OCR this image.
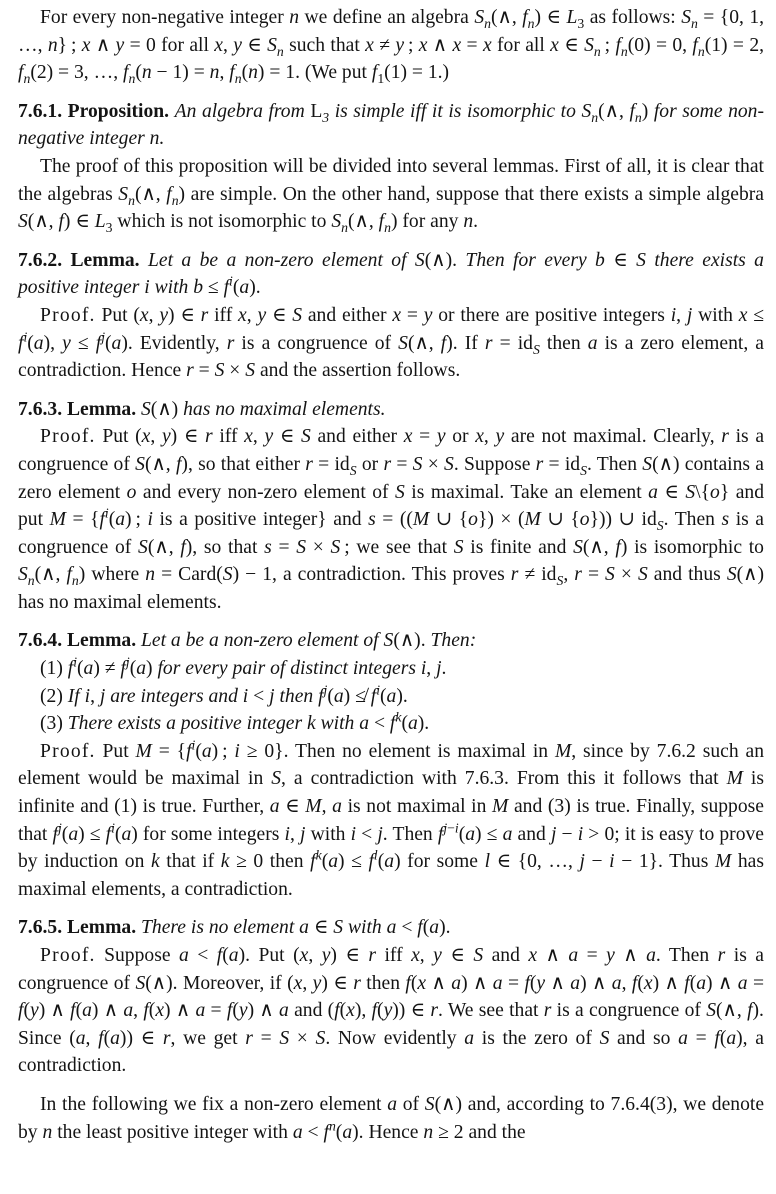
For every non-negative integer n we define an algebra $S_n(\wedge$, $f_n$) ∈ $L_3$ as follows: $S_n = \{0$, 1, …, n} ; x ∧ y = 0 for all x, y ∈ $S_n$ such that x ≠ y ; x ∧ x = x for all x ∈ $S_n$ ; $f_n(0) = 0$, $f_n(1) = 2$, $f_n(2) = 3$, …, $f_n(n - 1) = n$, $f_n(n) = 1$. (We put $f_1(1) = 1$.)

7.6.1. Proposition. An algebra from $L_3$ is simple iff it is isomorphic to $S_n(\wedge$, $f_n$) for some non-negative integer n.

The proof of this proposition will be divided into several lemmas. First of all, it is clear that the algebras $S_n(\wedge$, $f_n$) are simple. On the other hand, suppose that there exists a simple algebra S(∧, f) ∈ $L_3$ which is not isomorphic to $S_n(\wedge$, $f_n$) for any n.

7.6.2. Lemma. Let a be a non-zero element of S(∧). Then for every b ∈ S there exists a positive integer i with $b \le f^i(a)$.

Proof. Put (x, y) ∈ r iff x, y ∈ S and either x = y or there are positive integers i, j with $x \le f^i(a)$, $y \le f^j(a)$. Evidently, r is a congruence of S(∧, f). If $r = id_S$ then a is a zero element, a contradiction. Hence r = S × S and the assertion follows.

7.6.3. Lemma. S(∧) has no maximal elements.

Proof. Put (x, y) ∈ r iff x, y ∈ S and either x = y or x, y are not maximal. Clearly, r is a congruence of S(∧, f), so that either $r = id_S$ or r = S × S. Suppose $r = id_S$. Then S(∧) contains a zero element o and every non-zero element of S is maximal. Take an element a ∈ S\{o} and put $M = \{f^i(a)$ ; i is a positive integer} and s = ((M ∪ {o}) × (M ∪ {o})) ∪ $id_S$. Then s is a congruence of S(∧, f), so that s = S × S ; we see that S is finite and S(∧, f) is isomorphic to $S_n(\wedge$, $f_n$) where n = Card(S) − 1, a contradiction. This proves $r \ne id_S$, r = S × S and thus S(∧) has no maximal elements.

7.6.4. Lemma. Let a be a non-zero element of S(∧). Then:

(1) $f^i(a) \ne f^j(a)$ for every pair of distinct integers i, j.

(2) If i, j are integers and i < j then $f^j(a)$ ≰ $f^i(a)$.

(3) There exists a positive integer k with $a < f^k(a)$.

Proof. Put $M = \{f^i(a)$ ; i ≥ 0}. Then no element is maximal in M, since by 7.6.2 such an element would be maximal in S, a contradiction with 7.6.3. From this it follows that M is infinite and (1) is true. Further, a ∈ M, a is not maximal in M and (3) is true. Finally, suppose that $f^j(a) \le f^i(a)$ for some integers i, j with i < j. Then $f^{j-i}(a) \le a$ and j − i > 0; it is easy to prove by induction on k that if k ≥ 0 then $f^k(a) \le f^l(a)$ for some l ∈ {0, …, j − i − 1}. Thus M has maximal elements, a contradiction.

7.6.5. Lemma. There is no element a ∈ S with a < f(a).

Proof. Suppose a < f(a). Put (x, y) ∈ r iff x, y ∈ S and x ∧ a = y ∧ a. Then r is a congruence of S(∧). Moreover, if (x, y) ∈ r then f(x ∧ a) ∧ a = f(y ∧ a) ∧ a, f(x) ∧ f(a) ∧ a = f(y) ∧ f(a) ∧ a, f(x) ∧ a = f(y) ∧ a and (f(x), f(y)) ∈ r. We see that r is a congruence of S(∧, f). Since (a, f(a)) ∈ r, we get r = S × S. Now evidently a is the zero of S and so a = f(a), a contradiction.

In the following we fix a non-zero element a of S(∧) and, according to 7.6.4(3), we denote by n the least positive integer with $a < f^n(a)$. Hence n ≥ 2 and the
